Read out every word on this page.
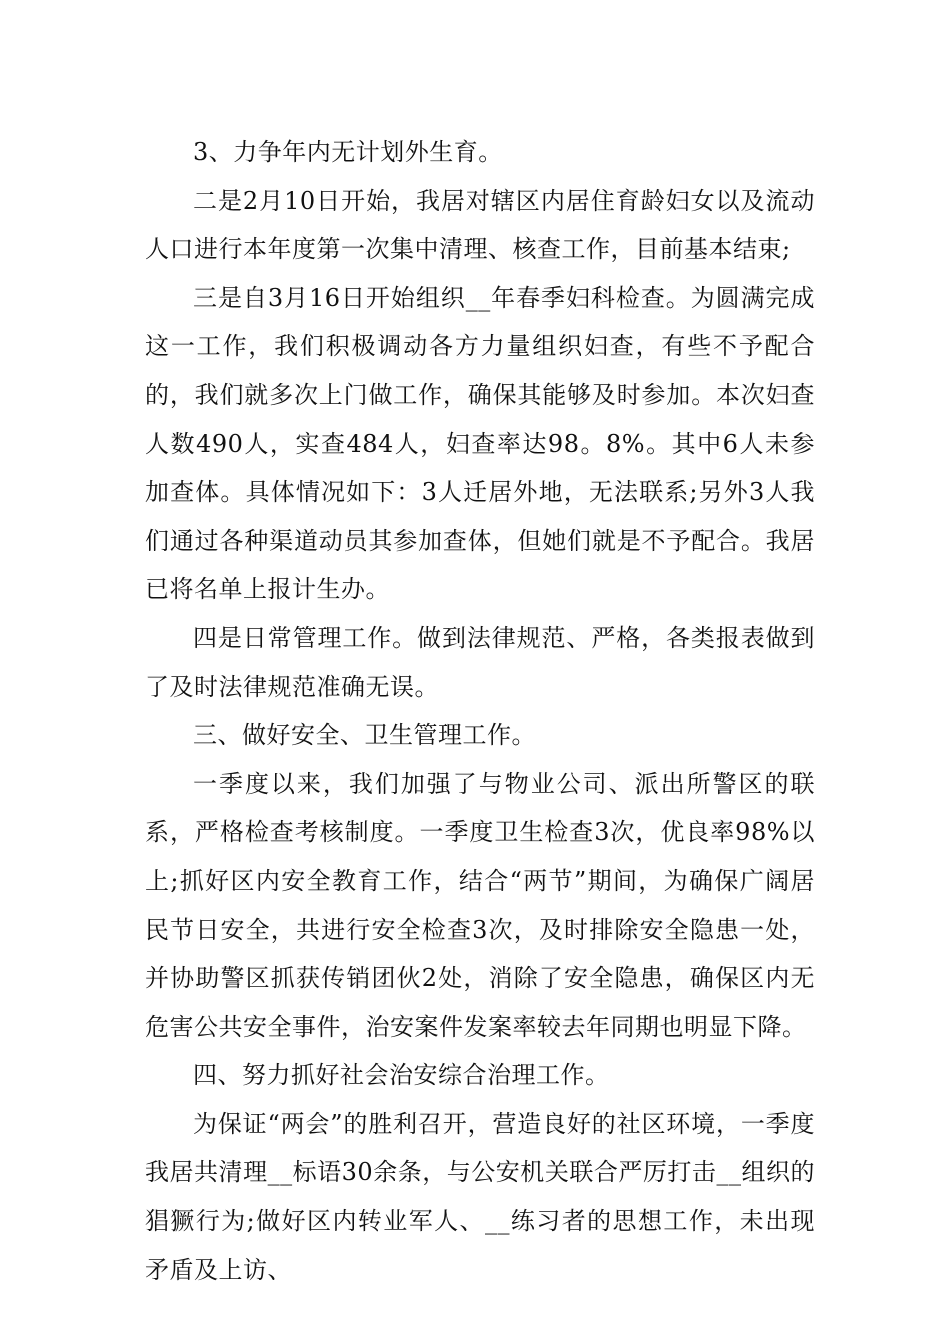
3、力争年内无计划外生育。

二是2月10日开始，我居对辖区内居住育龄妇女以及流动人口进行本年度第一次集中清理、核查工作，目前基本结束;

三是自3月16日开始组织__年春季妇科检查。为圆满完成这一工作，我们积极调动各方力量组织妇查，有些不予配合的，我们就多次上门做工作，确保其能够及时参加。本次妇查人数490人，实查484人，妇查率达98。8%。其中6人未参加查体。具体情况如下：3人迁居外地，无法联系;另外3人我们通过各种渠道动员其参加查体，但她们就是不予配合。我居已将名单上报计生办。

四是日常管理工作。做到法律规范、严格，各类报表做到了及时法律规范准确无误。

三、做好安全、卫生管理工作。

一季度以来，我们加强了与物业公司、派出所警区的联系，严格检查考核制度。一季度卫生检查3次，优良率98%以上;抓好区内安全教育工作，结合“两节”期间，为确保广阔居民节日安全，共进行安全检查3次，及时排除安全隐患一处，并协助警区抓获传销团伙2处，消除了安全隐患，确保区内无危害公共安全事件，治安案件发案率较去年同期也明显下降。

四、努力抓好社会治安综合治理工作。

为保证“两会”的胜利召开，营造良好的社区环境，一季度我居共清理__标语30余条，与公安机关联合严厉打击__组织的猖獗行为;做好区内转业军人、__练习者的思想工作，未出现矛盾及上访、
